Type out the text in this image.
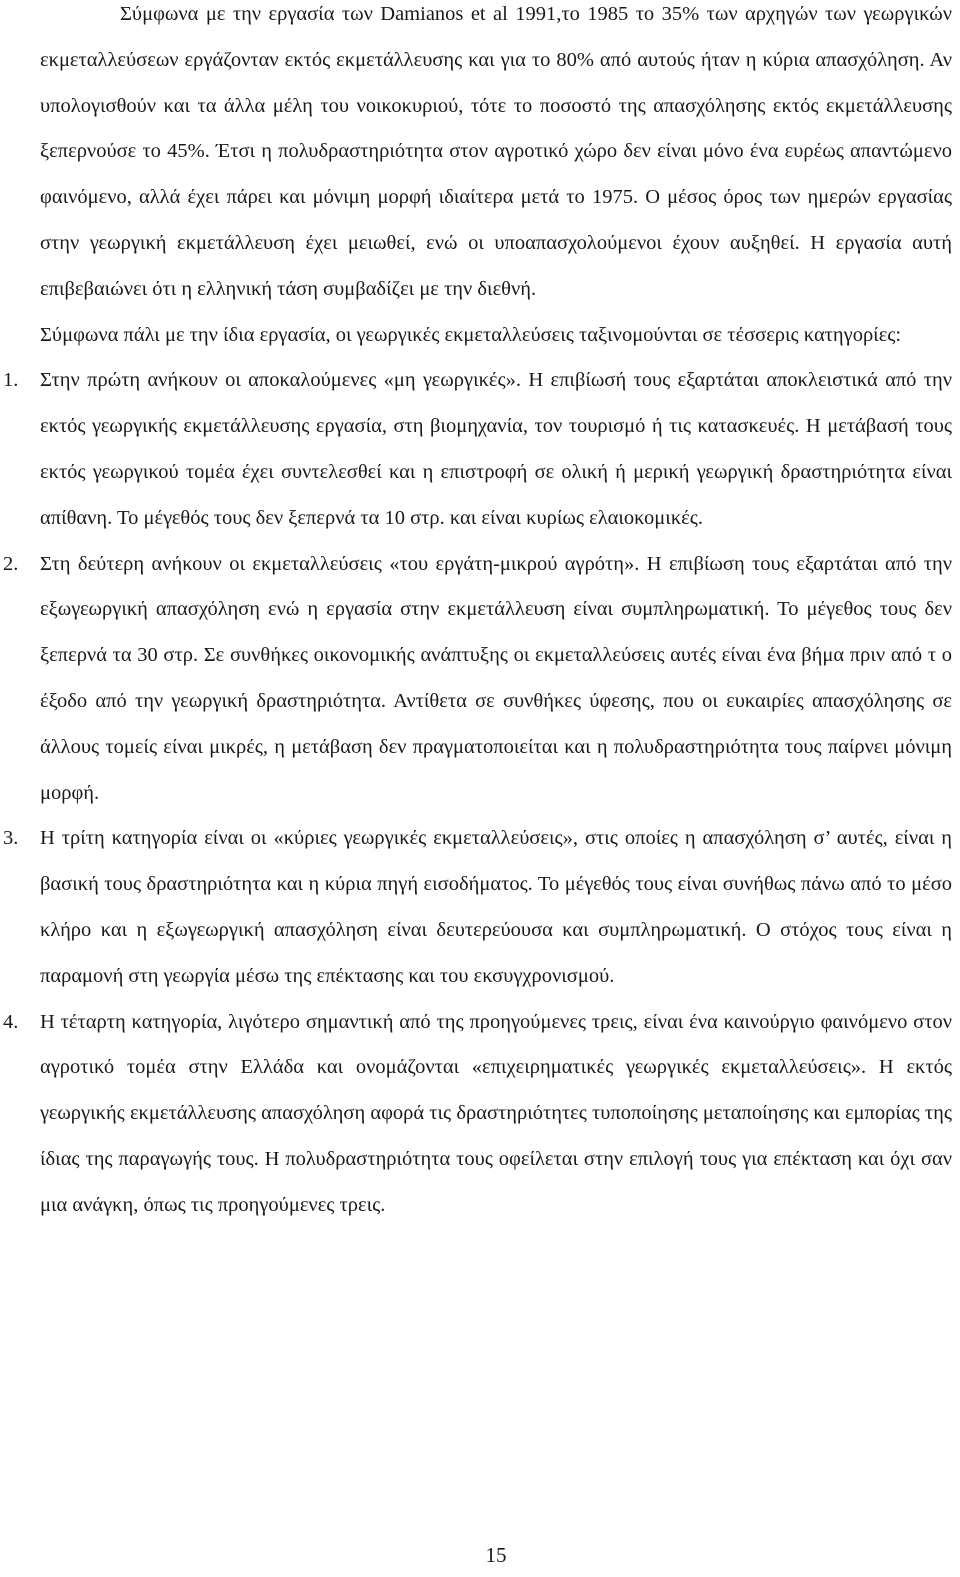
Σύμφωνα με την εργασία των Damianos et al 1991,το 1985 το 35% των αρχηγών των γεωργικών εκμεταλλεύσεων εργάζονταν εκτός εκμετάλλευσης και για το 80% από αυτούς ήταν η κύρια απασχόληση. Αν υπολογισθούν και τα άλλα μέλη του νοικοκυριού, τότε το ποσοστό της απασχόλησης εκτός εκμετάλλευσης ξεπερνούσε το 45%. Έτσι η πολυδραστηριότητα στον αγροτικό χώρο δεν είναι μόνο ένα ευρέως απαντώμενο φαινόμενο, αλλά έχει πάρει και μόνιμη μορφή ιδιαίτερα μετά το 1975. Ο μέσος όρος των ημερών εργασίας στην γεωργική εκμετάλλευση έχει μειωθεί, ενώ οι υποαπασχολούμενοι έχουν αυξηθεί. Η εργασία αυτή επιβεβαιώνει ότι η ελληνική τάση συμβαδίζει με την διεθνή.

Σύμφωνα πάλι με την ίδια εργασία, οι γεωργικές εκμεταλλεύσεις ταξινομούνται σε τέσσερις κατηγορίες:

1. Στην πρώτη ανήκουν οι αποκαλούμενες «μη γεωργικές». Η επιβίωσή τους εξαρτάται αποκλειστικά από την εκτός γεωργικής εκμετάλλευσης εργασία, στη βιομηχανία, τον τουρισμό ή τις κατασκευές. Η μετάβασή τους εκτός γεωργικού τομέα έχει συντελεσθεί και η επιστροφή σε ολική ή μερική γεωργική δραστηριότητα είναι απίθανη. Το μέγεθός τους δεν ξεπερνά τα 10 στρ. και είναι κυρίως ελαιοκομικές.

2. Στη δεύτερη ανήκουν οι εκμεταλλεύσεις «του εργάτη-μικρού αγρότη». Η επιβίωση τους εξαρτάται από την εξωγεωργική απασχόληση ενώ η εργασία στην εκμετάλλευση είναι συμπληρωματική. Το μέγεθος τους δεν ξεπερνά τα 30 στρ. Σε συνθήκες οικονομικής ανάπτυξης οι εκμεταλλεύσεις αυτές είναι ένα βήμα πριν από τ ο έξοδο από την γεωργική δραστηριότητα. Αντίθετα σε συνθήκες ύφεσης, που οι ευκαιρίες απασχόλησης σε άλλους τομείς είναι μικρές, η μετάβαση δεν πραγματοποιείται και η πολυδραστηριότητα τους παίρνει μόνιμη μορφή.

3. Η τρίτη κατηγορία είναι οι «κύριες γεωργικές εκμεταλλεύσεις», στις οποίες η απασχόληση σ’ αυτές, είναι η βασική τους δραστηριότητα και η κύρια πηγή εισοδήματος. Το μέγεθός τους είναι συνήθως πάνω από το μέσο κλήρο και η εξωγεωργική απασχόληση είναι δευτερεύουσα και συμπληρωματική. Ο στόχος τους είναι η παραμονή στη γεωργία μέσω της επέκτασης και του εκσυγχρονισμού.

4. Η τέταρτη κατηγορία, λιγότερο σημαντική από της προηγούμενες τρεις, είναι ένα καινούργιο φαινόμενο στον αγροτικό τομέα στην Ελλάδα και ονομάζονται «επιχειρηματικές γεωργικές εκμεταλλεύσεις». Η εκτός γεωργικής εκμετάλλευσης απασχόληση αφορά τις δραστηριότητες τυποποίησης μεταποίησης και εμπορίας της ίδιας της παραγωγής τους. Η πολυδραστηριότητα τους οφείλεται στην επιλογή τους για επέκταση και όχι σαν μια ανάγκη, όπως τις προηγούμενες τρεις.

15
